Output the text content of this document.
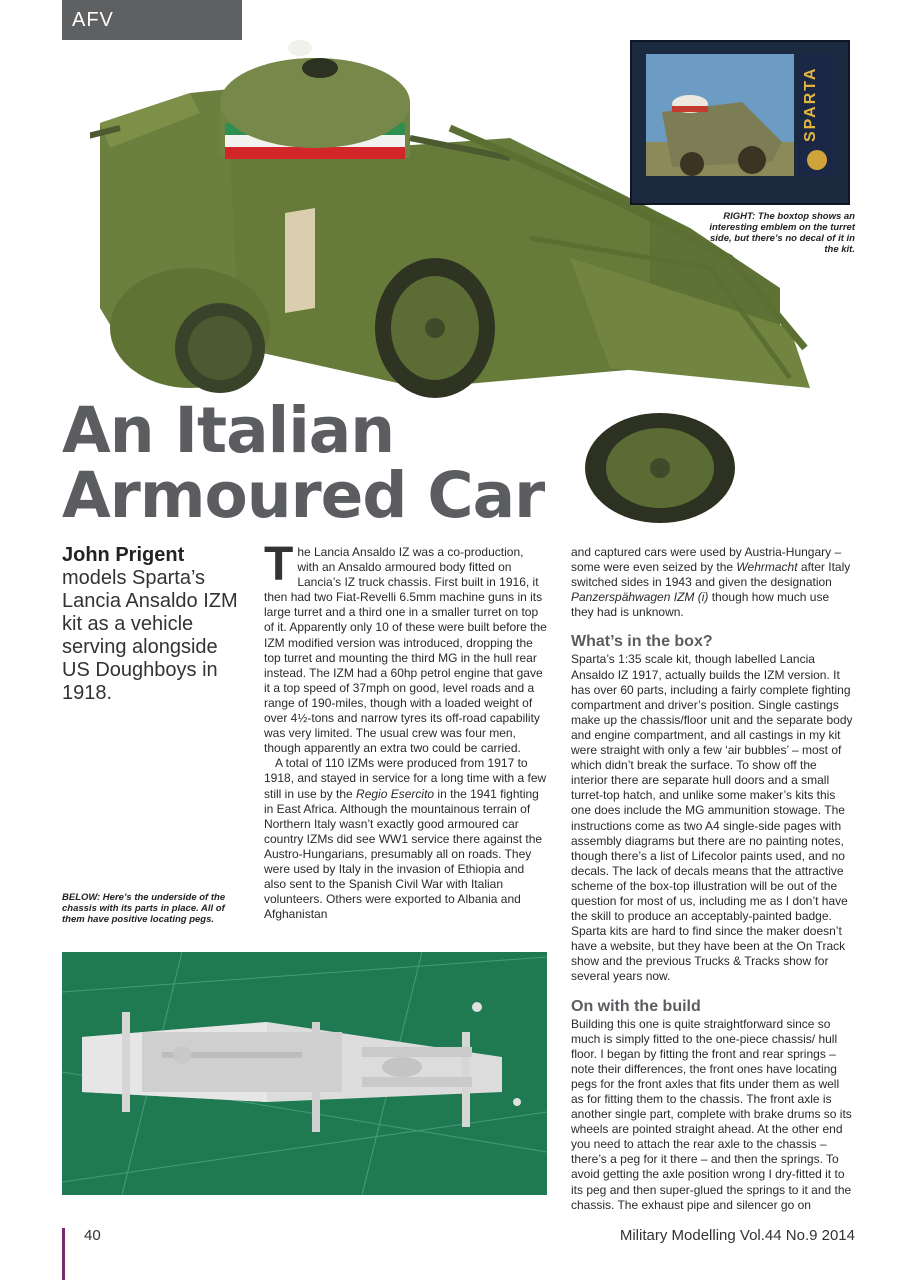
AFV
SPARTA
RIGHT: The boxtop shows an interesting emblem on the turret side, but there’s no decal of it in the kit.
An Italian
Armoured Car
John Prigent models Sparta’s Lancia Ansaldo IZM kit as a vehicle serving alongside US Doughboys in 1918.
BELOW: Here’s the underside of the chassis with its parts in place. All of them have positive locating pegs.

The Lancia Ansaldo IZ was a co-production, with an Ansaldo armoured body fitted on Lancia’s IZ truck chassis. First built in 1916, it then had two Fiat-Revelli 6.5mm machine guns in its large turret and a third one in a smaller turret on top of it. Apparently only 10 of these were built before the IZM modified version was introduced, dropping the top turret and mounting the third MG in the hull rear instead. The IZM had a 60hp petrol engine that gave it a top speed of 37mph on good, level roads and a range of 190-miles, though with a loaded weight of over 4½-tons and narrow tyres its off-road capability was very limited. The usual crew was four men, though apparently an extra two could be carried.

A total of 110 IZMs were produced from 1917 to 1918, and stayed in service for a long time with a few still in use by the Regio Esercito in the 1941 fighting in East Africa. Although the mountainous terrain of Northern Italy wasn’t exactly good armoured car country IZMs did see WW1 service there against the Austro-Hungarians, presumably all on roads. They were used by Italy in the invasion of Ethiopia and also sent to the Spanish Civil War with Italian volunteers. Others were exported to Albania and Afghanistan

and captured cars were used by Austria-Hungary – some were even seized by the Wehrmacht after Italy switched sides in 1943 and given the designation Panzerspähwagen IZM (i) though how much use they had is unknown.

What’s in the box?

Sparta’s 1:35 scale kit, though labelled Lancia Ansaldo IZ 1917, actually builds the IZM version. It has over 60 parts, including a fairly complete fighting compartment and driver’s position. Single castings make up the chassis/floor unit and the separate body and engine compartment, and all castings in my kit were straight with only a few ‘air bubbles’ – most of which didn’t break the surface. To show off the interior there are separate hull doors and a small turret-top hatch, and unlike some maker’s kits this one does include the MG ammunition stowage. The instructions come as two A4 single-side pages with assembly diagrams but there are no painting notes, though there’s a list of Lifecolor paints used, and no decals. The lack of decals means that the attractive scheme of the box-top illustration will be out of the question for most of us, including me as I don’t have the skill to produce an acceptably-painted badge. Sparta kits are hard to find since the maker doesn’t have a website, but they have been at the On Track show and the previous Trucks & Tracks show for several years now.

On with the build

Building this one is quite straightforward since so much is simply fitted to the one-piece chassis/ hull floor. I began by fitting the front and rear springs – note their differences, the front ones have locating pegs for the front axles that fits under them as well as for fitting them to the chassis. The front axle is another single part, complete with brake drums so its wheels are pointed straight ahead. At the other end you need to attach the rear axle to the chassis – there’s a peg for it there – and then the springs. To avoid getting the axle position wrong I dry-fitted it to its peg and then super-glued the springs to it and the chassis. The exhaust pipe and silencer go on

40	Military Modelling Vol.44 No.9 2014
